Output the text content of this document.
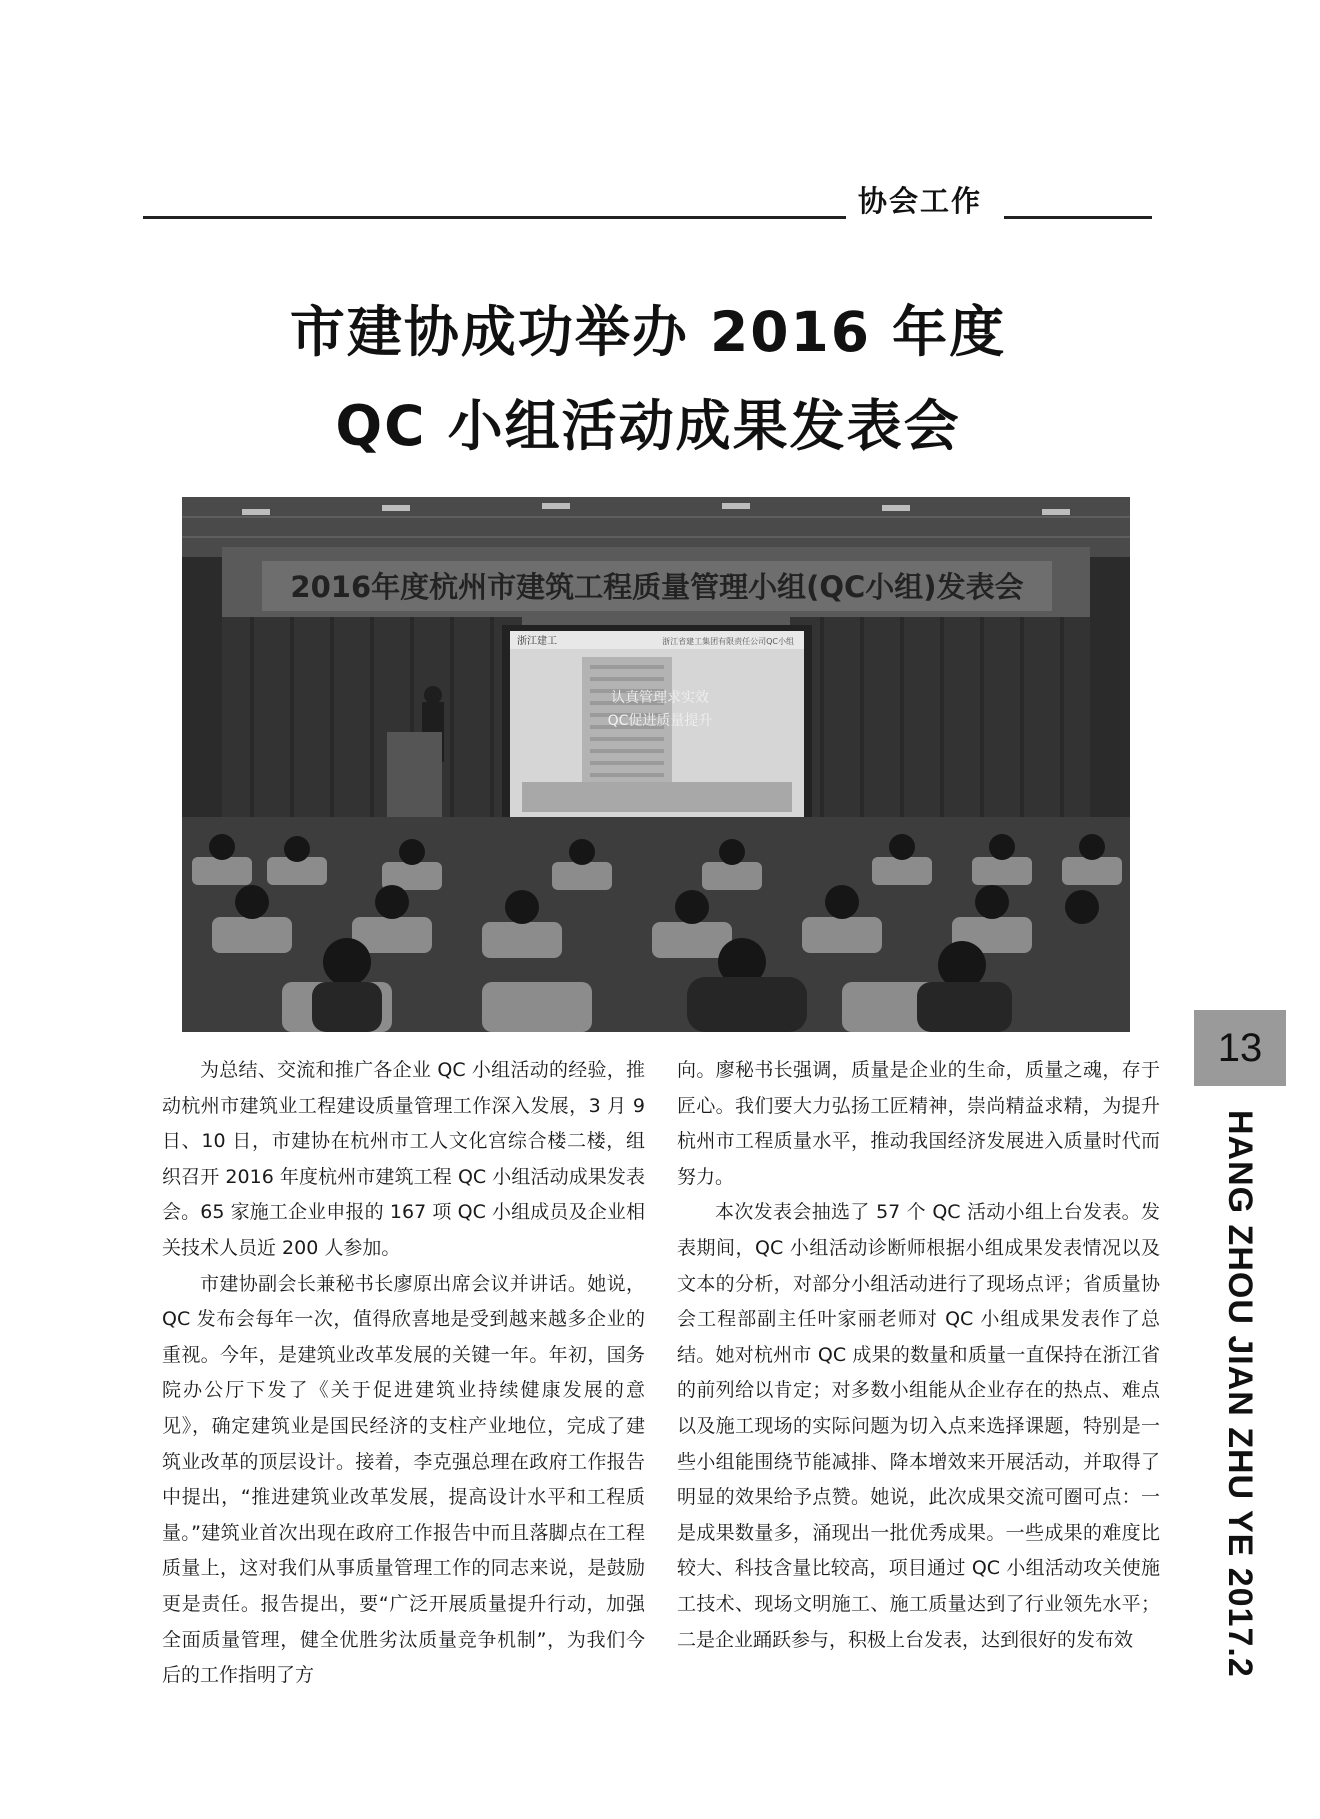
协会工作
市建协成功举办 2016 年度
QC 小组活动成果发表会
2016年度杭州市建筑工程质量管理小组(QC小组)发表会
浙江建工	浙江省建工集团有限责任公司QC小组
认真管理求实效
QC促进质量提升
13
HANG ZHOU JIAN ZHU YE 2017.2

为总结、交流和推广各企业 QC 小组活动的经验，推动杭州市建筑业工程建设质量管理工作深入发展，3 月 9 日、10 日，市建协在杭州市工人文化宫综合楼二楼，组织召开 2016 年度杭州市建筑工程 QC 小组活动成果发表会。65 家施工企业申报的 167 项 QC 小组成员及企业相关技术人员近 200 人参加。

市建协副会长兼秘书长廖原出席会议并讲话。她说，QC 发布会每年一次，值得欣喜地是受到越来越多企业的重视。今年，是建筑业改革发展的关键一年。年初，国务院办公厅下发了《关于促进建筑业持续健康发展的意见》，确定建筑业是国民经济的支柱产业地位，完成了建筑业改革的顶层设计。接着，李克强总理在政府工作报告中提出，“推进建筑业改革发展，提高设计水平和工程质量。”建筑业首次出现在政府工作报告中而且落脚点在工程质量上，这对我们从事质量管理工作的同志来说，是鼓励更是责任。报告提出，要“广泛开展质量提升行动，加强全面质量管理，健全优胜劣汰质量竞争机制”，为我们今后的工作指明了方

向。廖秘书长强调，质量是企业的生命，质量之魂，存于匠心。我们要大力弘扬工匠精神，崇尚精益求精，为提升杭州市工程质量水平，推动我国经济发展进入质量时代而努力。

本次发表会抽选了 57 个 QC 活动小组上台发表。发表期间，QC 小组活动诊断师根据小组成果发表情况以及文本的分析，对部分小组活动进行了现场点评；省质量协会工程部副主任叶家丽老师对 QC 小组成果发表作了总结。她对杭州市 QC 成果的数量和质量一直保持在浙江省的前列给以肯定；对多数小组能从企业存在的热点、难点以及施工现场的实际问题为切入点来选择课题，特别是一些小组能围绕节能减排、降本增效来开展活动，并取得了明显的效果给予点赞。她说，此次成果交流可圈可点：一是成果数量多，涌现出一批优秀成果。一些成果的难度比较大、科技含量比较高，项目通过 QC 小组活动攻关使施工技术、现场文明施工、施工质量达到了行业领先水平；二是企业踊跃参与，积极上台发表，达到很好的发布效
